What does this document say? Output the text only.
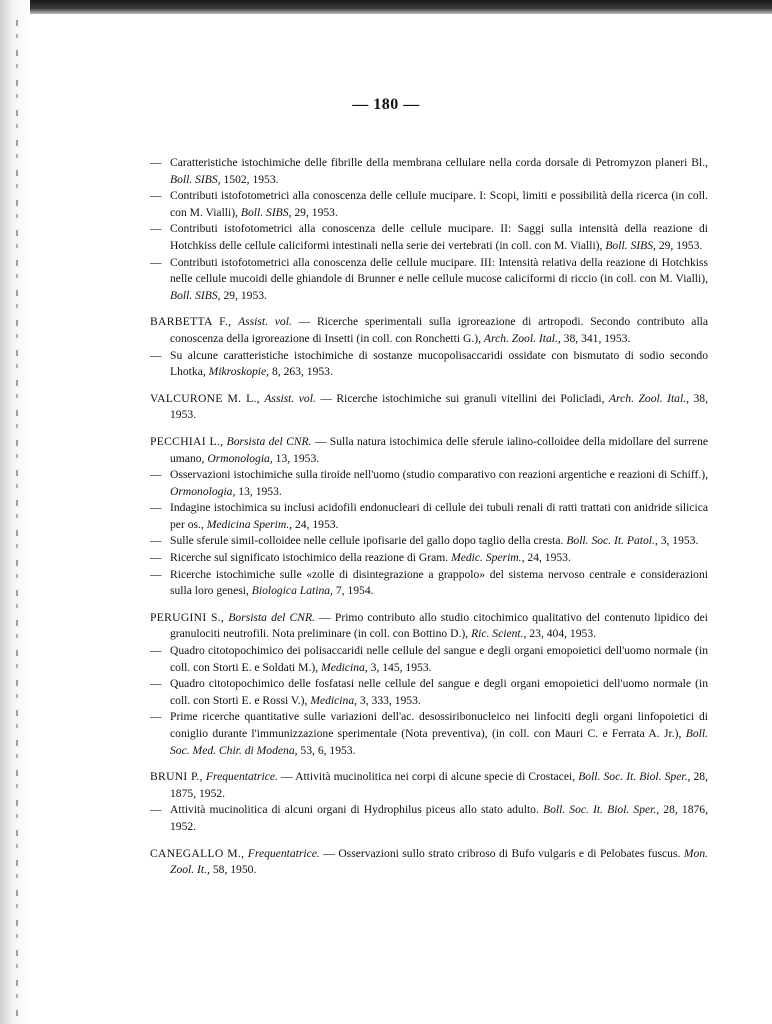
— 180 —
— Caratteristiche istochimiche delle fibrille della membrana cellulare nella corda dorsale di Petromyzon planeri Bl., Boll. SIBS, 1502, 1953.
— Contributi istofotometrici alla conoscenza delle cellule mucipare. I: Scopi, limiti e possibilità della ricerca (in coll. con M. Vialli), Boll. SIBS, 29, 1953.
— Contributi istofotometrici alla conoscenza delle cellule mucipare. II: Saggi sulla intensità della reazione di Hotchkiss delle cellule caliciformi intestinali nella serie dei vertebrati (in coll. con M. Vialli), Boll. SIBS, 29, 1953.
— Contributi istofotometrici alla conoscenza delle cellule mucipare. III: Intensità relativa della reazione di Hotchkiss nelle cellule mucoidi delle ghiandole di Brunner e nelle cellule mucose caliciformi di riccio (in coll. con M. Vialli), Boll. SIBS, 29, 1953.
BARBETTA F., Assist. vol. — Ricerche sperimentali sulla igroreazione di artropodi. Secondo contributo alla conoscenza della igroreazione di Insetti (in coll. con Ronchetti G.), Arch. Zool. Ital., 38, 341, 1953.
— Su alcune caratteristiche istochimiche di sostanze mucopolisaccaridi ossidate con bismutato di sodio secondo Lhotka, Mikroskopie, 8, 263, 1953.
VALCURONE M. L., Assist. vol. — Ricerche istochimiche sui granuli vitellini dei Policladi, Arch. Zool. Ital., 38, 1953.
PECCHIAI L., Borsista del CNR. — Sulla natura istochimica delle sferule ialino-colloidee della midollare del surrene umano, Ormonologia, 13, 1953.
— Osservazioni istochimiche sulla tiroide nell'uomo (studio comparativo con reazioni argentiche e reazioni di Schiff.), Ormonologia, 13, 1953.
— Indagine istochimica su inclusi acidofili endonucleari di cellule dei tubuli renali di ratti trattati con anidride silicica per os., Medicina Sperim., 24, 1953.
— Sulle sferule simil-colloidee nelle cellule ipofisarie del gallo dopo taglio della cresta. Boll. Soc. It. Patol., 3, 1953.
— Ricerche sul significato istochimico della reazione di Gram. Medic. Sperim., 24, 1953.
— Ricerche istochimiche sulle «zolle di disintegrazione a grappolo» del sistema nervoso centrale e considerazioni sulla loro genesi, Biologica Latina, 7, 1954.
PERUGINI S., Borsista del CNR. — Primo contributo allo studio citochimico qualitativo del contenuto lipidico dei granulociti neutrofili. Nota preliminare (in coll. con Bottino D.), Ric. Scient., 23, 404, 1953.
— Quadro citotopochimico dei polisaccaridi nelle cellule del sangue e degli organi emopoietici dell'uomo normale (in coll. con Storti E. e Soldati M.), Medicina, 3, 145, 1953.
— Quadro citotopochimico delle fosfatasi nelle cellule del sangue e degli organi emopoietici dell'uomo normale (in coll. con Storti E. e Rossi V.), Medicina, 3, 333, 1953.
— Prime ricerche quantitative sulle variazioni dell'ac. desossiribonucleico nei linfociti degli organi linfopoietici di coniglio durante l'immunizzazione sperimentale (Nota preventiva), (in coll. con Mauri C. e Ferrata A. Jr.), Boll. Soc. Med. Chir. di Modena, 53, 6, 1953.
BRUNI P., Frequentatrice. — Attività mucinolitica nei corpi di alcune specie di Crostacei, Boll. Soc. It. Biol. Sper., 28, 1875, 1952.
— Attività mucinolitica di alcuni organi di Hydrophilus piceus allo stato adulto. Boll. Soc. It. Biol. Sper., 28, 1876, 1952.
CANEGALLO M., Frequentatrice. — Osservazioni sullo strato cribroso di Bufo vulgaris e di Pelobates fuscus. Mon. Zool. It., 58, 1950.
